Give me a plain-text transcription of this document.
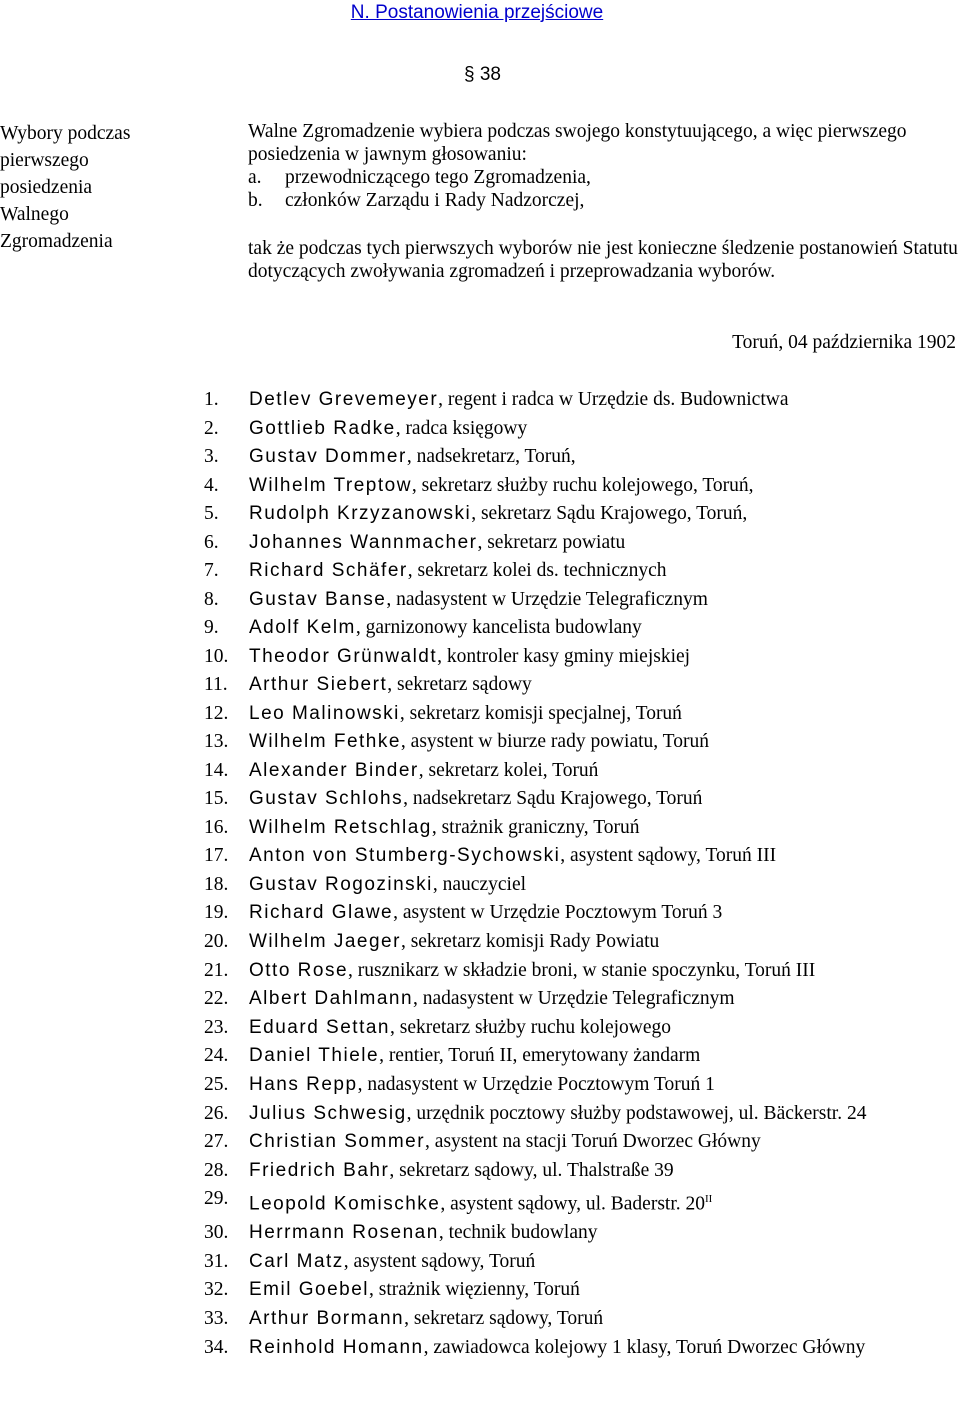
N. Postanowienia przejściowe
§ 38
Wybory podczas
pierwszego
posiedzenia
Walnego
Zgromadzenia
Walne Zgromadzenie wybiera podczas swojego konstytuującego, a więc pierwszego posiedzenia w jawnym głosowaniu:
a. przewodniczącego tego Zgromadzenia,
b. członków Zarządu i Rady Nadzorczej,
tak że podczas tych pierwszych wyborów nie jest konieczne śledzenie postanowień Statutu dotyczących zwoływania zgromadzeń i przeprowadzania wyborów.
Toruń, 04 października 1902
1. Detlev Grevemeyer, regent i radca w Urzędzie ds. Budownictwa
2. Gottlieb Radke, radca księgowy
3. Gustav Dommer, nadsekretarz, Toruń,
4. Wilhelm Treptow, sekretarz służby ruchu kolejowego, Toruń,
5. Rudolph Krzyzanowski, sekretarz Sądu Krajowego, Toruń,
6. Johannes Wannmacher, sekretarz powiatu
7. Richard Schäfer, sekretarz kolei ds. technicznych
8. Gustav Banse, nadasystent w Urzędzie Telegraficznym
9. Adolf Kelm, garnizonowy kancelista budowlany
10. Theodor Grünwaldt, kontroler kasy gminy miejskiej
11. Arthur Siebert, sekretarz sądowy
12. Leo Malinowski, sekretarz komisji specjalnej, Toruń
13. Wilhelm Fethke, asystent w biurze rady powiatu, Toruń
14. Alexander Binder, sekretarz kolei, Toruń
15. Gustav Schlohs, nadsekretarz Sądu Krajowego, Toruń
16. Wilhelm Retschlag, strażnik graniczny, Toruń
17. Anton von Stumberg-Sychowski, asystent sądowy, Toruń III
18. Gustav Rogozinski, nauczyciel
19. Richard Glawe, asystent w Urzędzie Pocztowym Toruń 3
20. Wilhelm Jaeger, sekretarz komisji Rady Powiatu
21. Otto Rose, rusznikarz w składzie broni, w stanie spoczynku, Toruń III
22. Albert Dahlmann, nadasystent w Urzędzie Telegraficznym
23. Eduard Settan, sekretarz służby ruchu kolejowego
24. Daniel Thiele, rentier, Toruń II, emerytowany żandarm
25. Hans Repp, nadasystent w Urzędzie Pocztowym Toruń 1
26. Julius Schwesig, urzędnik pocztowy służby podstawowej, ul. Bäckerstr. 24
27. Christian Sommer, asystent na stacji Toruń Dworzec Główny
28. Friedrich Bahr, sekretarz sądowy, ul. Thalstraße 39
29. Leopold Komischke, asystent sądowy, ul. Baderstr. $20^{II}$
30. Herrmann Rosenan, technik budowlany
31. Carl Matz, asystent sądowy, Toruń
32. Emil Goebel, strażnik więzienny, Toruń
33. Arthur Bormann, sekretarz sądowy, Toruń
34. Reinhold Homann, zawiadowca kolejowy 1 klasy, Toruń Dworzec Główny
